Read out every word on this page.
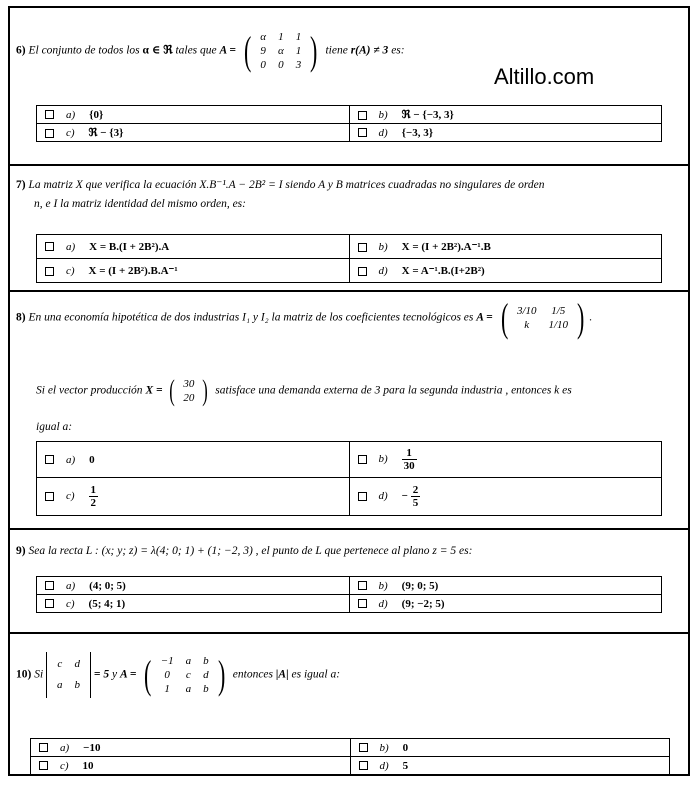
6) El conjunto de todos los α ∈ ℜ tales que A = ( α	1	1
9	α	1
0	0	3 ) tiene r(A) ≠ 3 es:
Altillo.com
a) {0}	b) ℜ − {−3, 3}
c) ℜ − {3}	d) {−3, 3}
7) La matriz X que verifica la ecuación X.B⁻¹.A − 2B² = I siendo A y B matrices cuadradas no singulares de orden
n, e I la matriz identidad del mismo orden, es:
a) X = B.(I + 2B²).A	b) X = (I + 2B²).A⁻¹.B
c) X = (I + 2B²).B.A⁻¹	d) X = A⁻¹.B.(I+2B²)
8) En una economía hipotética de dos industrias I₁ y I₂ la matriz de los coeficientes tecnológicos es A = ( 3/10	1/5
k	1/10 ) .
Si el vector producción X = ( 30
20 ) satisface una demanda externa de 3 para la segunda industria , entonces k es
igual a:
a) 0	$b) \frac{1}{30}$

$c) \frac{1}{2}$	$d) - \frac{2}{5}$
9) Sea la recta L : (x; y; z) = λ(4; 0; 1) + (1; −2, 3) , el punto de L que pertenece al plano z = 5 es:
a) (4; 0; 5)	b) (9; 0; 5)
c) (5; 4; 1)	d) (9; −2; 5)
10) Si
c	d
a	b
= 5 y A = ( −1	a	b
0	c	d
1	a	b ) entonces |A| es igual a:
a) −10	b) 0
c) 10	d) 5
